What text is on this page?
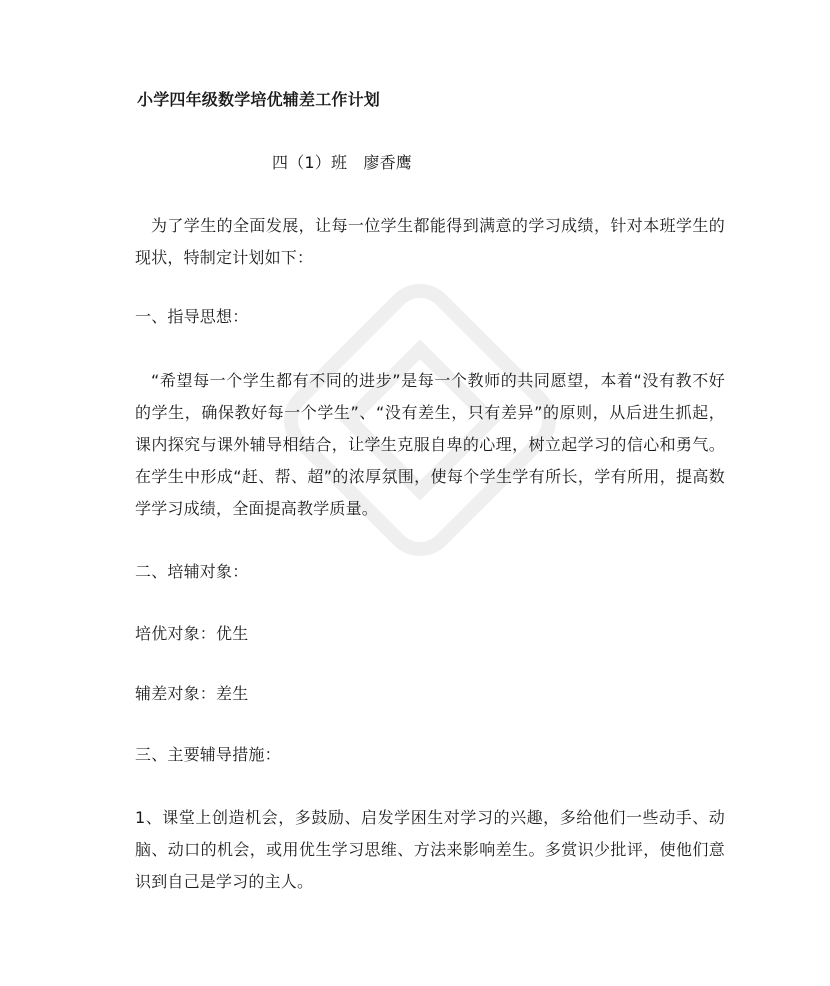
小学四年级数学培优辅差工作计划
四（1）班　廖香鹰
为了学生的全面发展，让每一位学生都能得到满意的学习成绩，针对本班学生的现状，特制定计划如下：
一、指导思想：
“希望每一个学生都有不同的进步”是每一个教师的共同愿望，本着“没有教不好的学生，确保教好每一个学生”、“没有差生，只有差异”的原则，从后进生抓起，课内探究与课外辅导相结合，让学生克服自卑的心理，树立起学习的信心和勇气。在学生中形成“赶、帮、超”的浓厚氛围，使每个学生学有所长，学有所用，提高数学学习成绩，全面提高教学质量。
二、培辅对象：
培优对象：优生
辅差对象：差生
三、主要辅导措施：
1、课堂上创造机会，多鼓励、启发学困生对学习的兴趣，多给他们一些动手、动脑、动口的机会，或用优生学习思维、方法来影响差生。多赏识少批评，使他们意识到自己是学习的主人。
